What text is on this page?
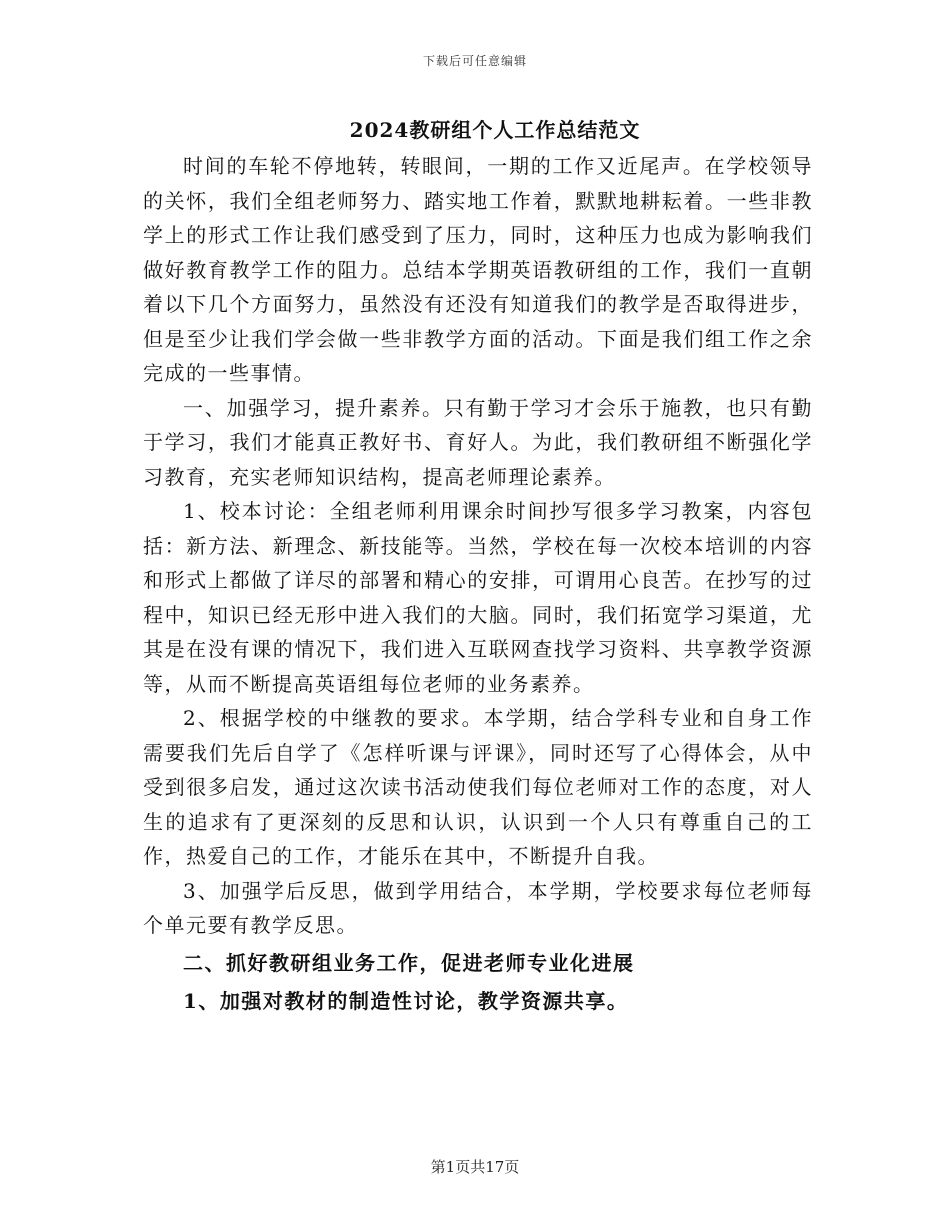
下载后可任意编辑
2024教研组个人工作总结范文

时间的车轮不停地转，转眼间，一期的工作又近尾声。在学校领导的关怀，我们全组老师努力、踏实地工作着，默默地耕耘着。一些非教学上的形式工作让我们感受到了压力，同时，这种压力也成为影响我们做好教育教学工作的阻力。总结本学期英语教研组的工作，我们一直朝着以下几个方面努力，虽然没有还没有知道我们的教学是否取得进步，但是至少让我们学会做一些非教学方面的活动。下面是我们组工作之余完成的一些事情。

一、加强学习，提升素养。只有勤于学习才会乐于施教，也只有勤于学习，我们才能真正教好书、育好人。为此，我们教研组不断强化学习教育，充实老师知识结构，提高老师理论素养。

1、校本讨论：全组老师利用课余时间抄写很多学习教案，内容包括：新方法、新理念、新技能等。当然，学校在每一次校本培训的内容和形式上都做了详尽的部署和精心的安排，可谓用心良苦。在抄写的过程中，知识已经无形中进入我们的大脑。同时，我们拓宽学习渠道，尤其是在没有课的情况下，我们进入互联网查找学习资料、共享教学资源等，从而不断提高英语组每位老师的业务素养。

2、根据学校的中继教的要求。本学期，结合学科专业和自身工作需要我们先后自学了《怎样听课与评课》，同时还写了心得体会，从中受到很多启发，通过这次读书活动使我们每位老师对工作的态度，对人生的追求有了更深刻的反思和认识，认识到一个人只有尊重自己的工作，热爱自己的工作，才能乐在其中，不断提升自我。

3、加强学后反思，做到学用结合，本学期，学校要求每位老师每个单元要有教学反思。

二、抓好教研组业务工作，促进老师专业化进展

1、加强对教材的制造性讨论，教学资源共享。

第1页共17页
